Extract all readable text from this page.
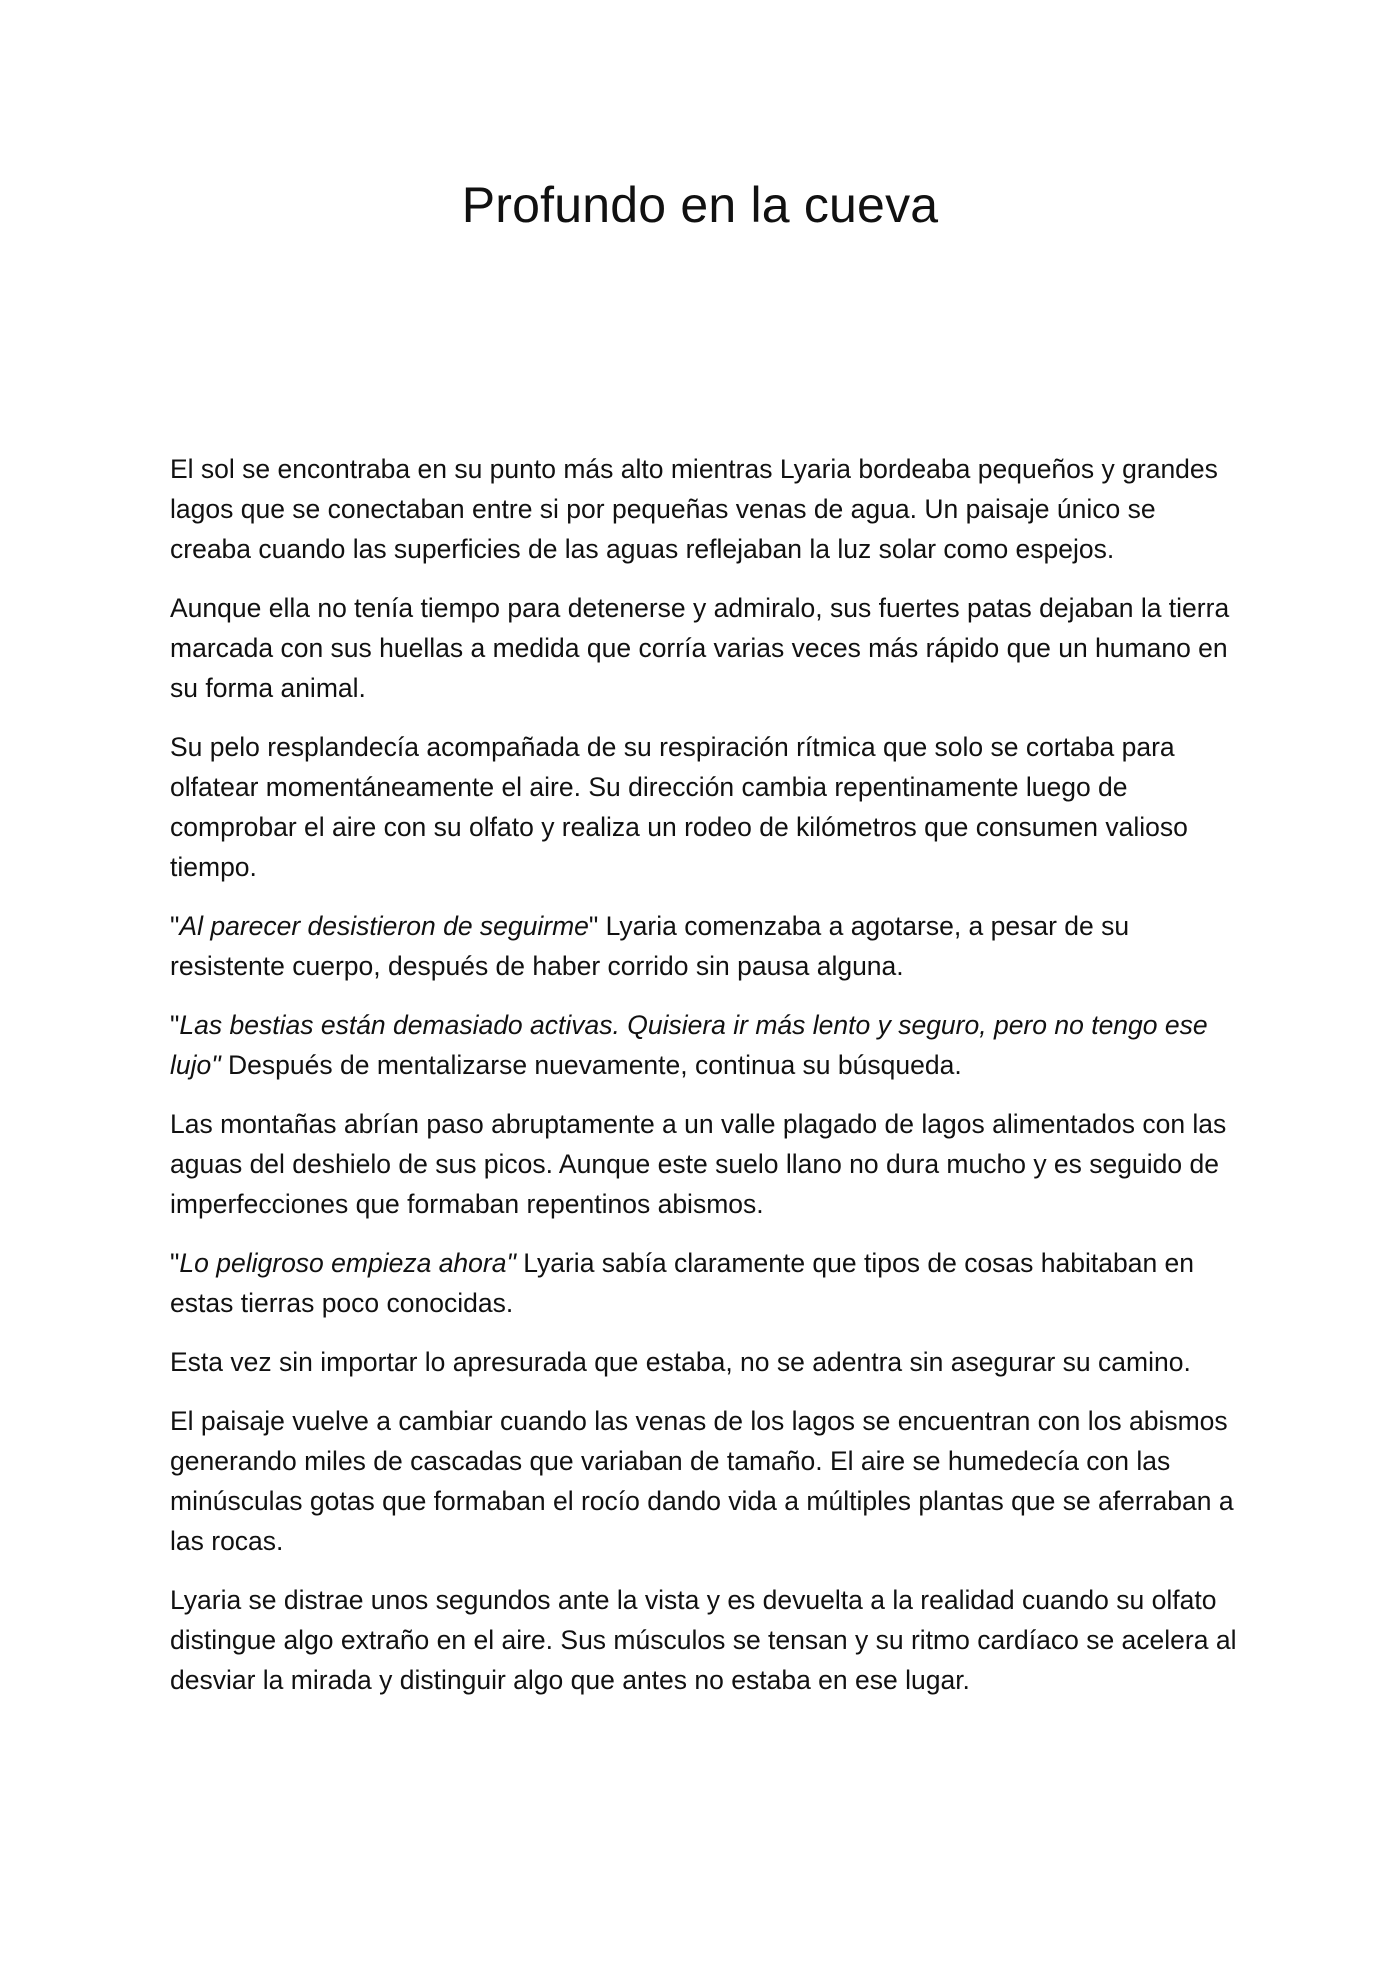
Profundo en la cueva

El sol se encontraba en su punto más alto mientras Lyaria bordeaba pequeños y grandes lagos que se conectaban entre si por pequeñas venas de agua. Un paisaje único se creaba cuando las superficies de las aguas reflejaban la luz solar como espejos.

Aunque ella no tenía tiempo para detenerse y admiralo, sus fuertes patas dejaban la tierra marcada con sus huellas a medida que corría varias veces más rápido que un humano en su forma animal.

Su pelo resplandecía acompañada de su respiración rítmica que solo se cortaba para olfatear momentáneamente el aire. Su dirección cambia repentinamente luego de comprobar el aire con su olfato y realiza un rodeo de kilómetros que consumen valioso tiempo.

"Al parecer desistieron de seguirme" Lyaria comenzaba a agotarse, a pesar de su resistente cuerpo, después de haber corrido sin pausa alguna.

"Las bestias están demasiado activas. Quisiera ir más lento y seguro, pero no tengo ese lujo" Después de mentalizarse nuevamente, continua su búsqueda.

Las montañas abrían paso abruptamente a un valle plagado de lagos alimentados con las aguas del deshielo de sus picos. Aunque este suelo llano no dura mucho y es seguido de imperfecciones que formaban repentinos abismos.

"Lo peligroso empieza ahora" Lyaria sabía claramente que tipos de cosas habitaban en estas tierras poco conocidas.

Esta vez sin importar lo apresurada que estaba, no se adentra sin asegurar su camino.

El paisaje vuelve a cambiar cuando las venas de los lagos se encuentran con los abismos generando miles de cascadas que variaban de tamaño. El aire se humedecía con las minúsculas gotas que formaban el rocío dando vida a múltiples plantas que se aferraban a las rocas.

Lyaria se distrae unos segundos ante la vista y es devuelta a la realidad cuando su olfato distingue algo extraño en el aire. Sus músculos se tensan y su ritmo cardíaco se acelera al desviar la mirada y distinguir algo que antes no estaba en ese lugar.
